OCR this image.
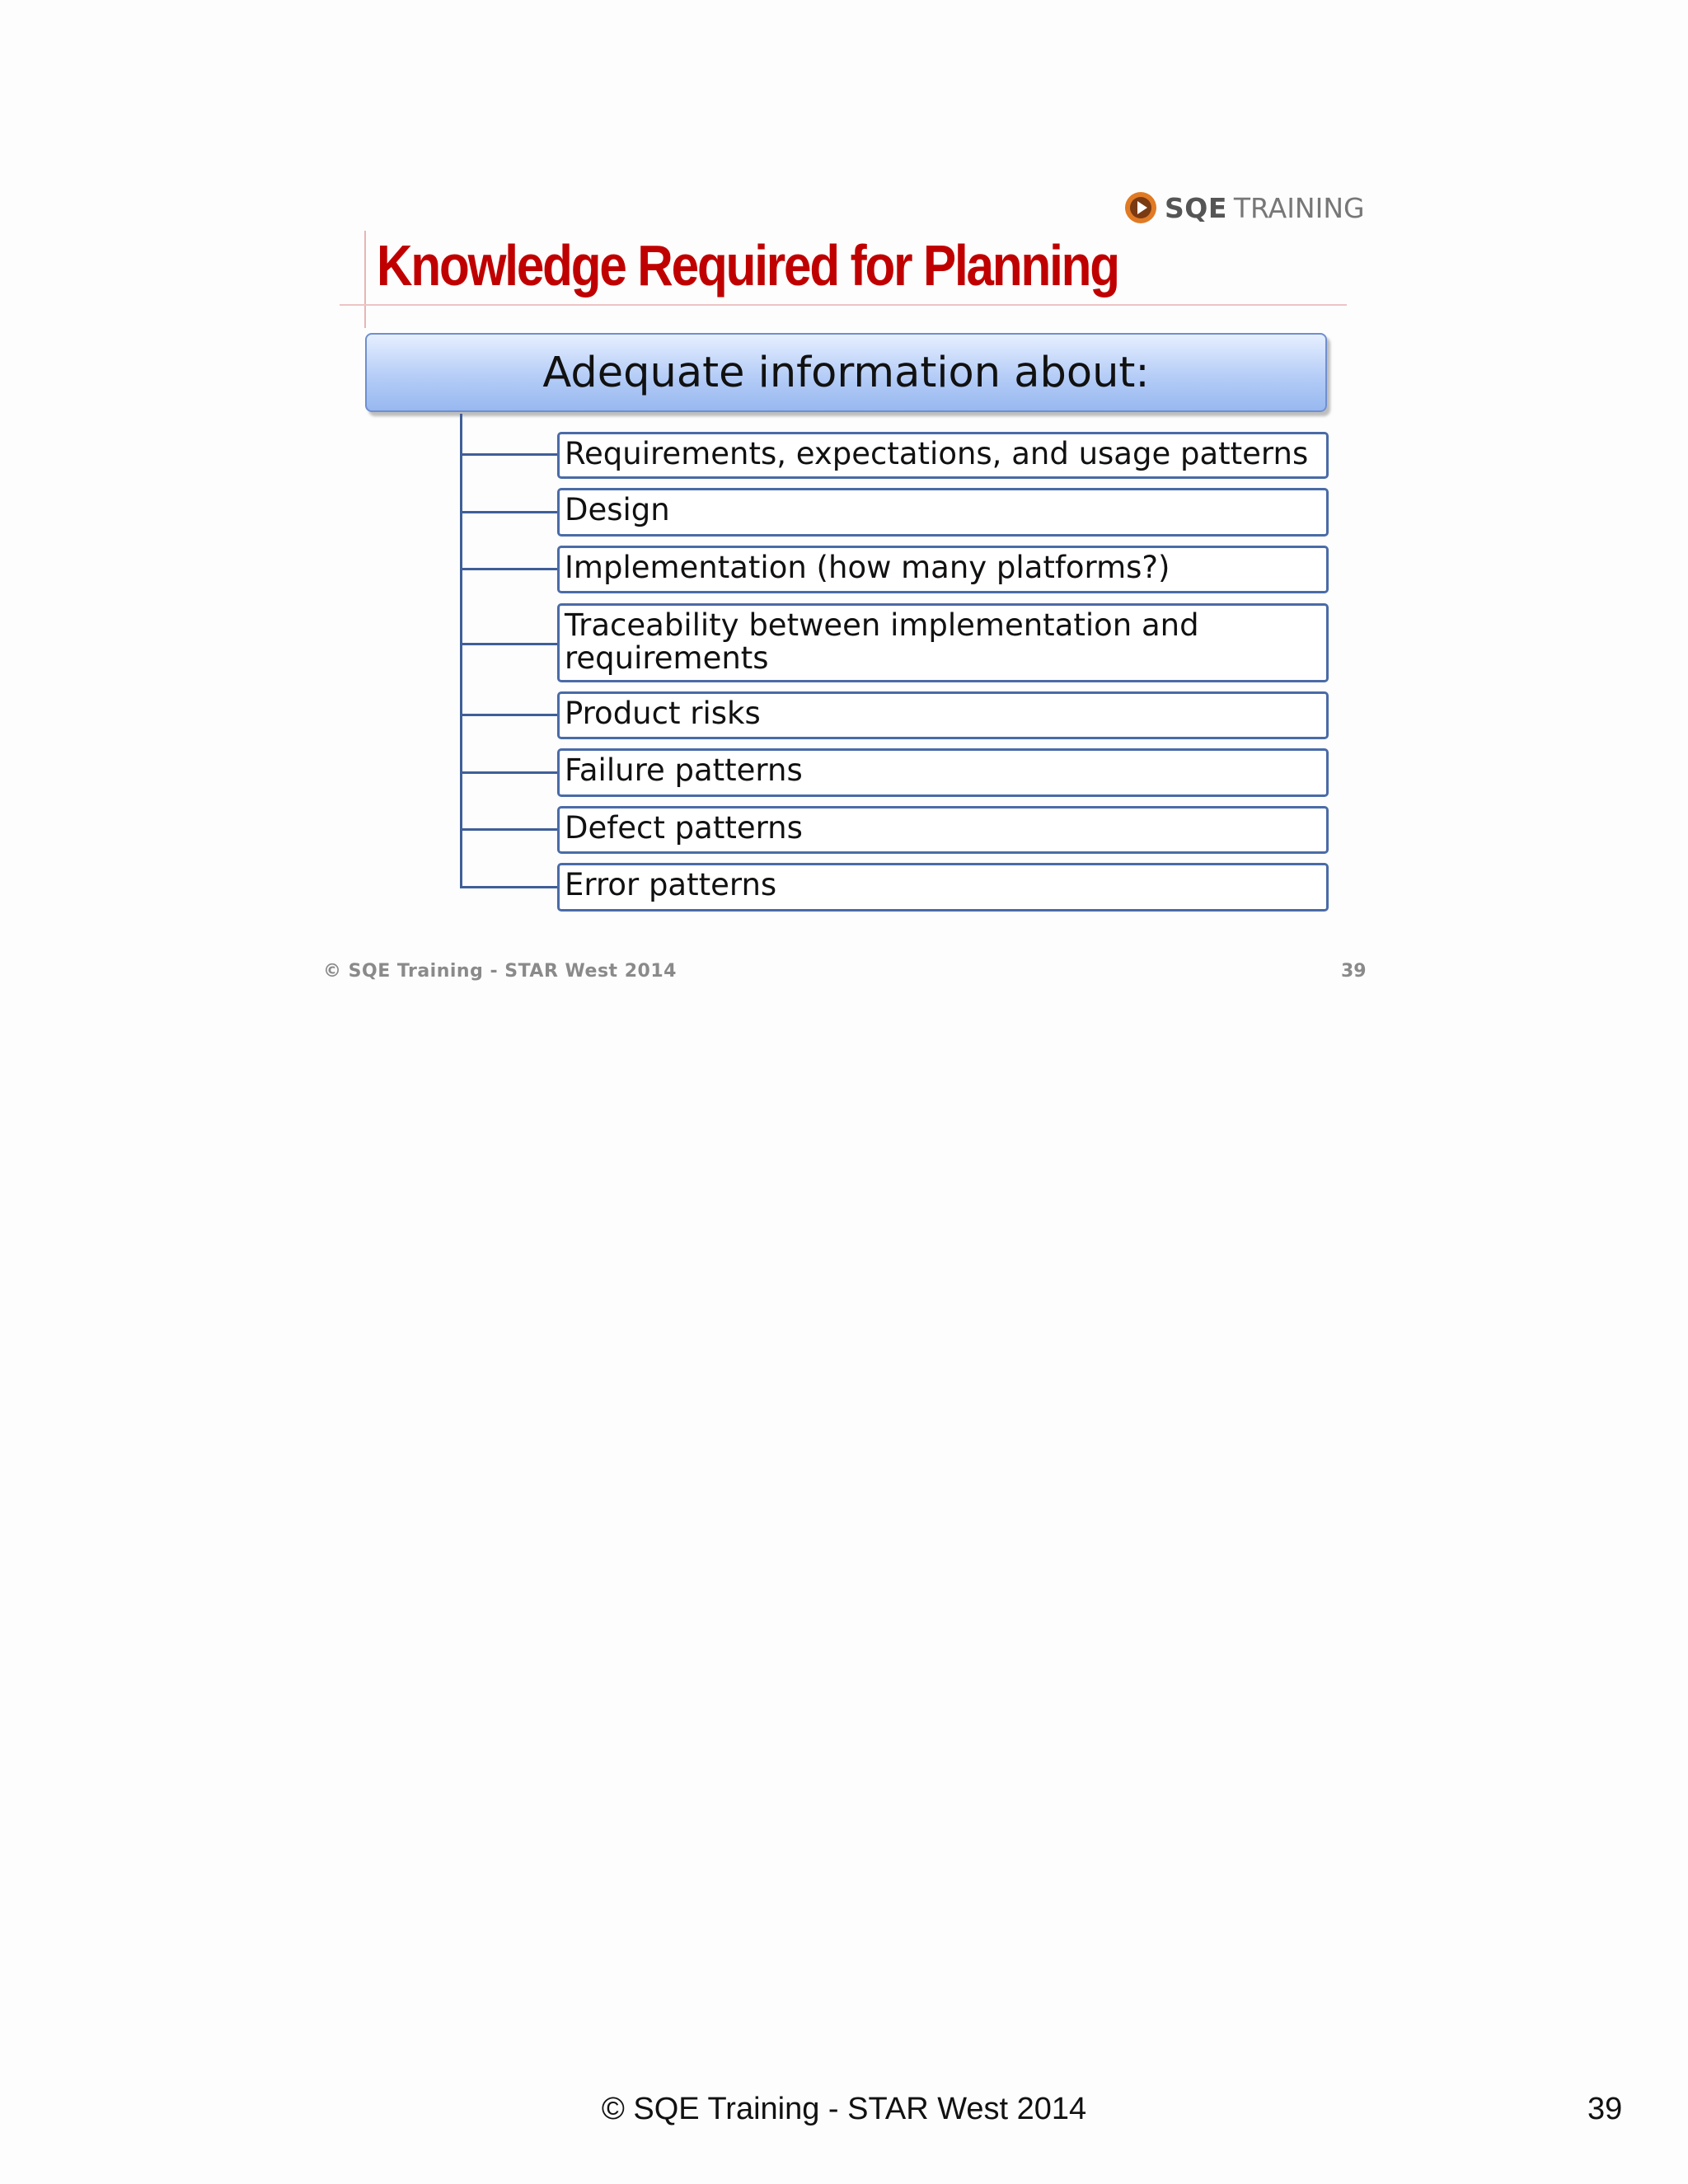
SQE TRAINING
Knowledge Required for Planning
Adequate information about:
Requirements, expectations, and usage patterns
Design
Implementation (how many platforms?)
Traceability between implementation and requirements
Product risks
Failure patterns
Defect patterns
Error patterns
© SQE Training - STAR West 2014	39
© SQE Training - STAR West 2014	39
